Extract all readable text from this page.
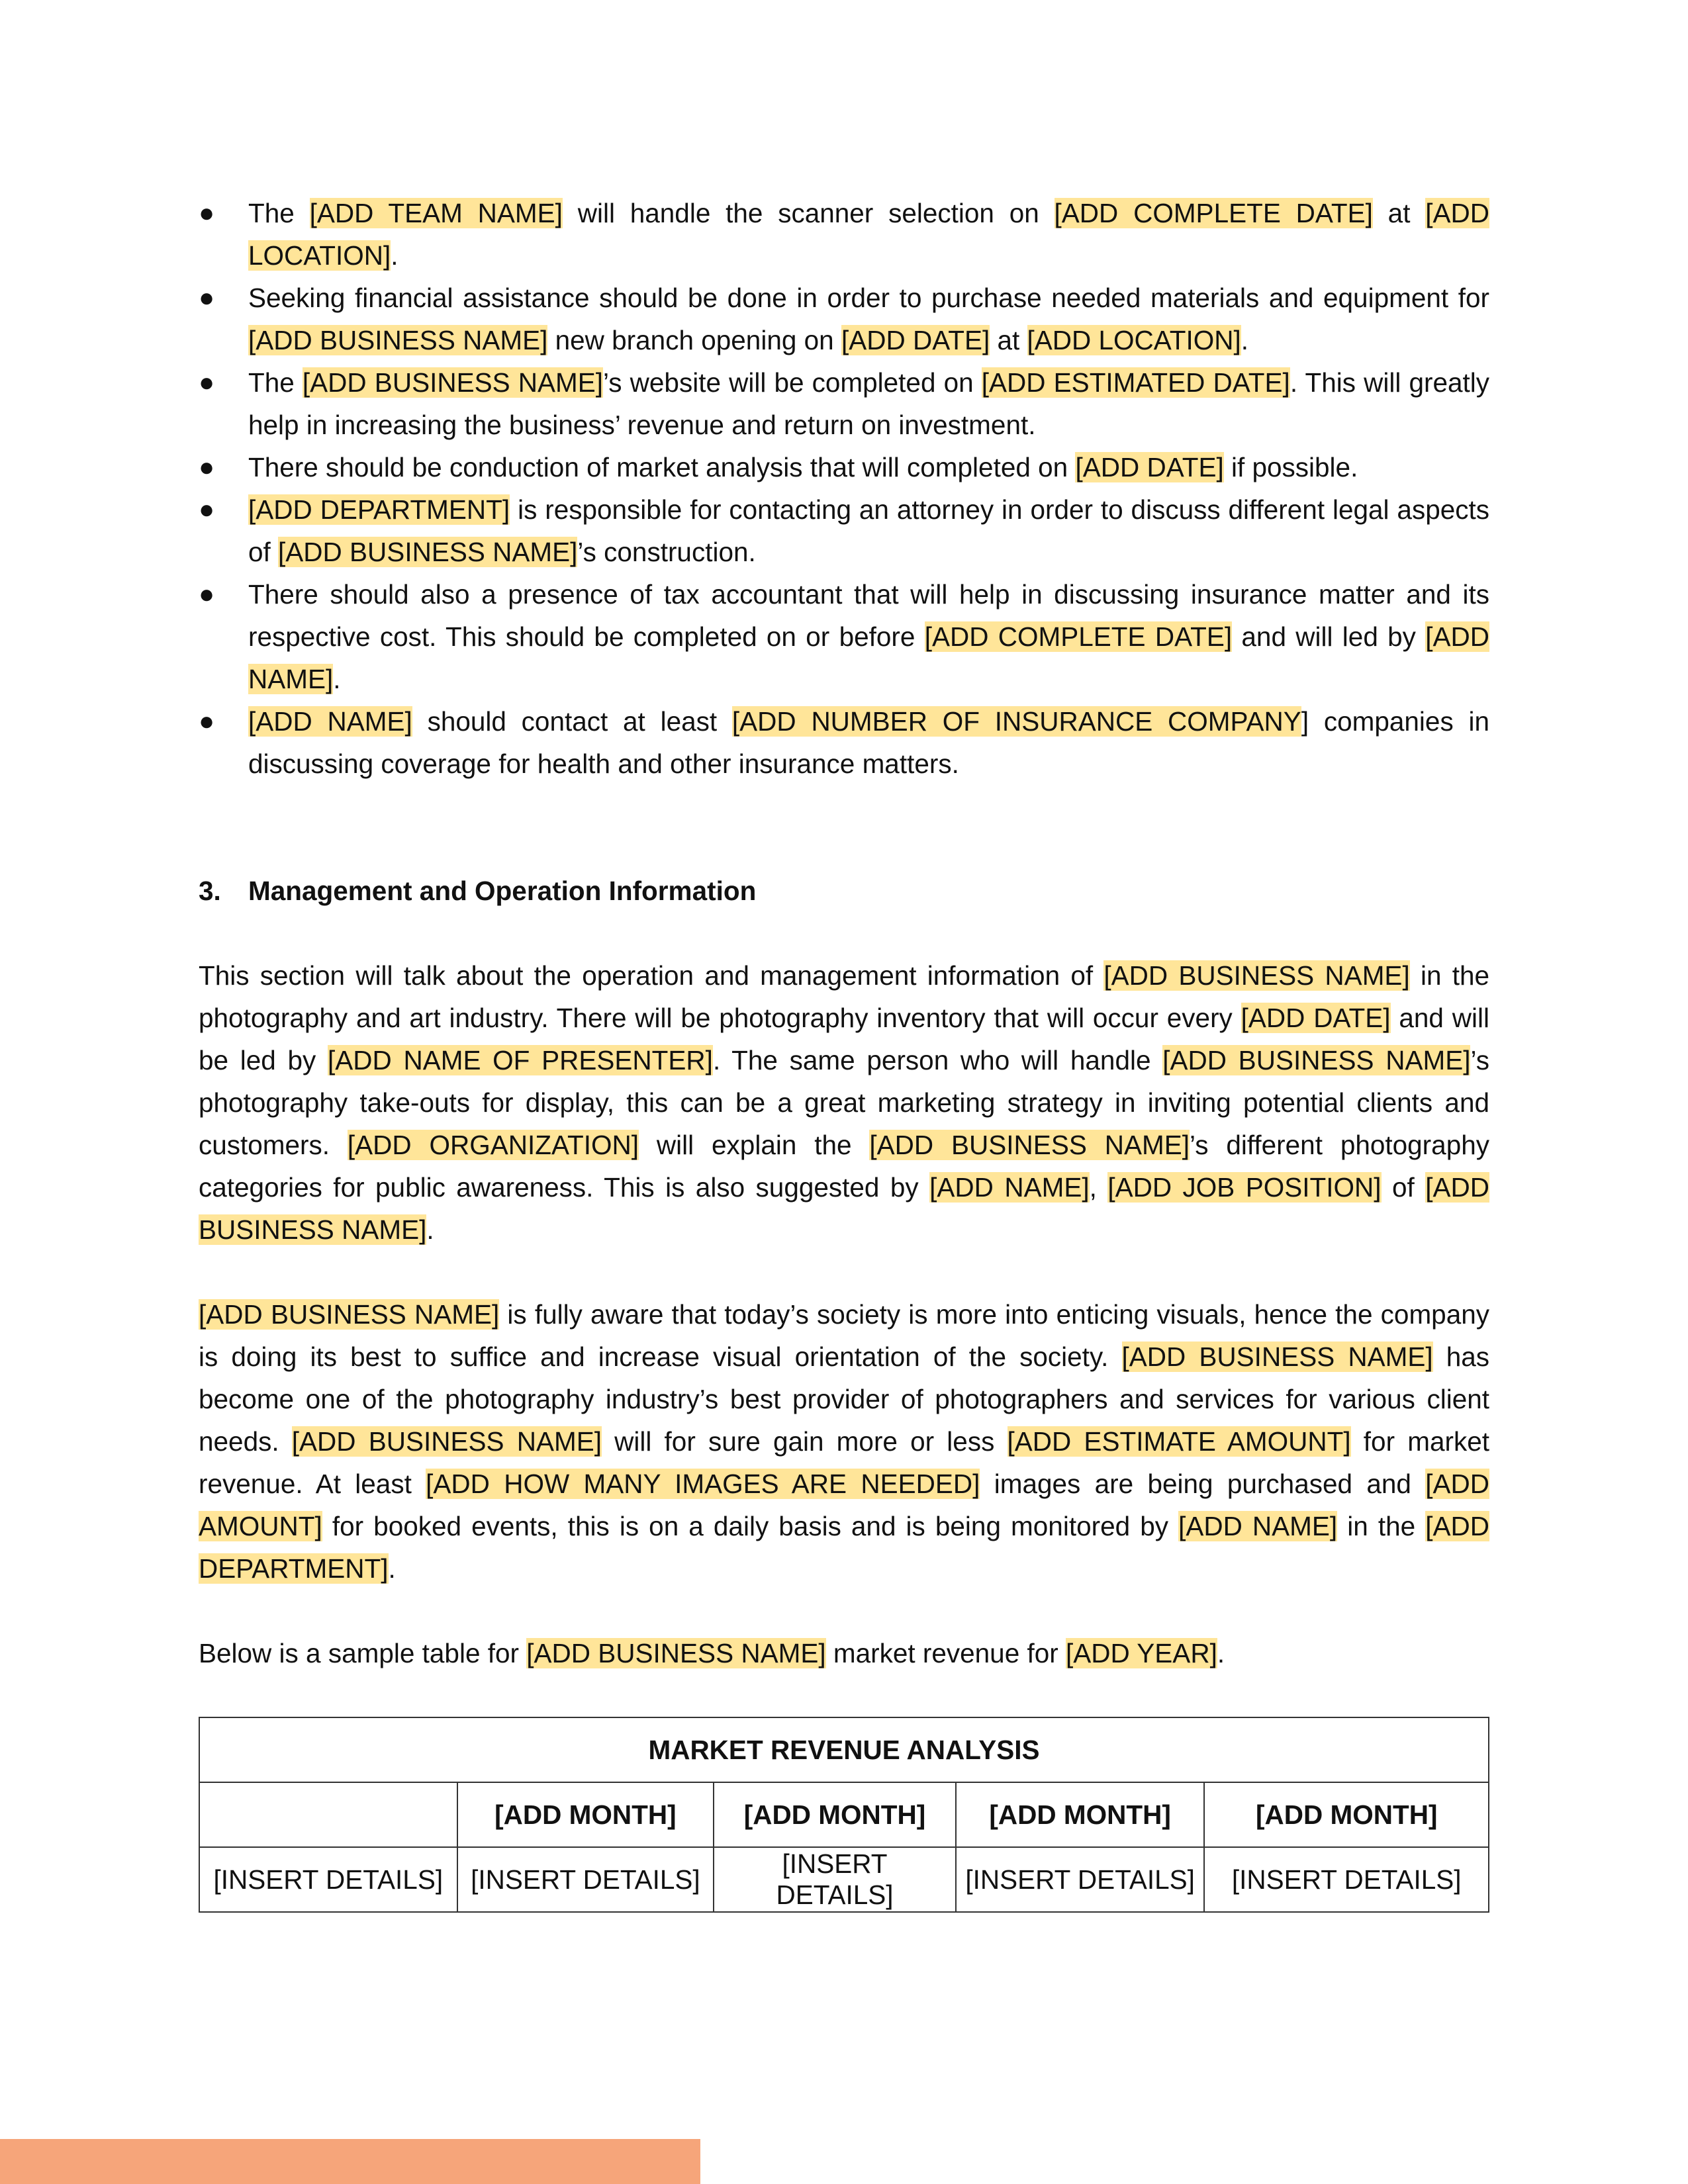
●	The [ADD TEAM NAME] will handle the scanner selection on [ADD COMPLETE DATE] at [ADD LOCATION].
●	Seeking financial assistance should be done in order to purchase needed materials and equipment for [ADD BUSINESS NAME] new branch opening on [ADD DATE] at [ADD LOCATION].
●	The [ADD BUSINESS NAME]’s website will be completed on [ADD ESTIMATED DATE]. This will greatly help in increasing the business’ revenue and return on investment.
●	There should be conduction of market analysis that will completed on [ADD DATE] if possible.
●	[ADD DEPARTMENT] is responsible for contacting an attorney in order to discuss different legal aspects of [ADD BUSINESS NAME]’s construction.
●	There should also a presence of tax accountant that will help in discussing insurance matter and its respective cost. This should be completed on or before [ADD COMPLETE DATE] and will led by [ADD NAME].
●	[ADD NAME] should contact at least [ADD NUMBER OF INSURANCE COMPANY] companies in discussing coverage for health and other insurance matters.
3.	Management and Operation Information

This section will talk about the operation and management information of [ADD BUSINESS NAME] in the photography and art industry. There will be photography inventory that will occur every [ADD DATE] and will be led by [ADD NAME OF PRESENTER]. The same person who will handle [ADD BUSINESS NAME]’s photography take-outs for display, this can be a great marketing strategy in inviting potential clients and customers. [ADD ORGANIZATION] will explain the [ADD BUSINESS NAME]’s different photography categories for public awareness. This is also suggested by [ADD NAME], [ADD JOB POSITION] of [ADD BUSINESS NAME].

[ADD BUSINESS NAME] is fully aware that today’s society is more into enticing visuals, hence the company is doing its best to suffice and increase visual orientation of the society. [ADD BUSINESS NAME] has become one of the photography industry’s best provider of photographers and services for various client needs. [ADD BUSINESS NAME] will for sure gain more or less [ADD ESTIMATE AMOUNT] for market revenue. At least [ADD HOW MANY IMAGES ARE NEEDED] images are being purchased and [ADD AMOUNT] for booked events, this is on a daily basis and is being monitored by [ADD NAME] in the [ADD DEPARTMENT].

Below is a sample table for [ADD BUSINESS NAME] market revenue for [ADD YEAR].

MARKET REVENUE ANALYSIS				
	[ADD MONTH]	[ADD MONTH]	[ADD MONTH]	[ADD MONTH]
[INSERT DETAILS]	[INSERT DETAILS]	[INSERT DETAILS]	[INSERT DETAILS]	[INSERT DETAILS]
